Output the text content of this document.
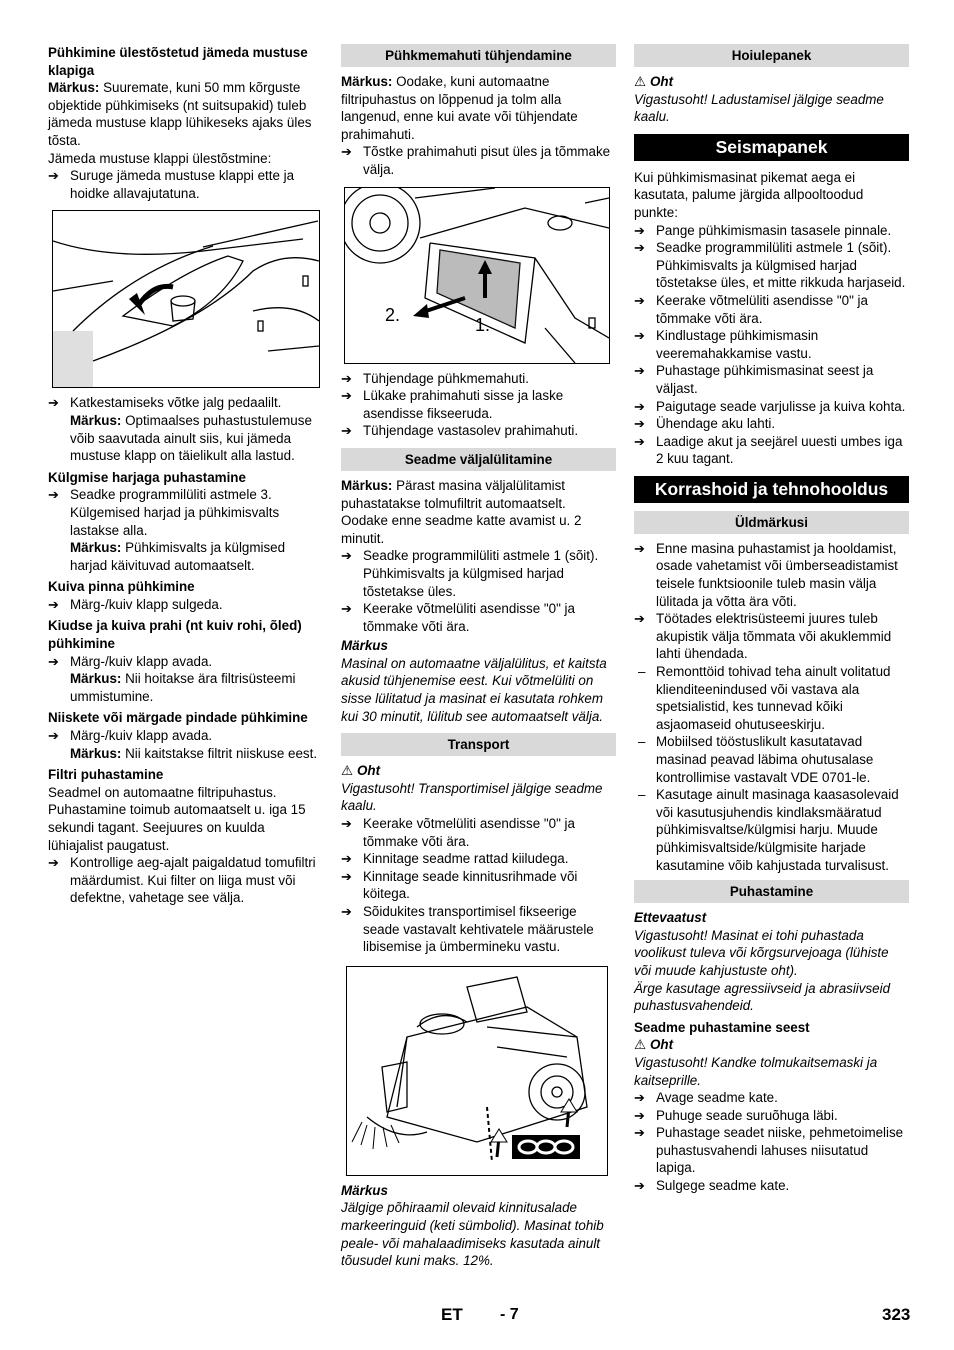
Pühkimine ülestõstetud jämeda mustuse klapiga

Märkus: Suuremate, kuni 50 mm kõrguste objektide pühkimiseks (nt suitsupakid) tuleb jämeda mustuse klapp lühikeseks ajaks üles tõsta.

Jämeda mustuse klappi ülestõstmine:

➔ Suruge jämeda mustuse klappi ette ja hoidke allavajutatuna.

➔ Katkestamiseks võtke jalg pedaalilt.

Märkus: Optimaalses puhastustulemuse võib saavutada ainult siis, kui jämeda mustuse klapp on täielikult alla lastud.

Külgmise harjaga puhastamine

➔ Seadke programmilüliti astmele 3. Külgemised harjad ja pühkimisvalts lastakse alla.

Märkus: Pühkimisvalts ja külgmised harjad käivituvad automaatselt.

Kuiva pinna pühkimine

➔ Märg-/kuiv klapp sulgeda.

Kiudse ja kuiva prahi (nt kuiv rohi, õled) pühkimine

➔ Märg-/kuiv klapp avada.

Märkus: Nii hoitakse ära filtrisüsteemi ummistumine.

Niiskete või märgade pindade pühkimine

➔ Märg-/kuiv klapp avada.

Märkus: Nii kaitstakse filtrit niiskuse eest.

Filtri puhastamine

Seadmel on automaatne filtripuhastus. Puhastamine toimub automaatselt u. iga 15 sekundi tagant. Seejuures on kuulda lühiajalist paugatust.

➔ Kontrollige aeg-ajalt paigaldatud tomufiltri määrdumist. Kui filter on liiga must või defektne, vahetage see välja.

Pühkmemahuti tühjendamine

Märkus: Oodake, kuni automaatne filtripuhastus on lõppenud ja tolm alla langenud, enne kui avate või tühjendate prahimahuti.

➔ Tõstke prahimahuti pisut üles ja tõmmake välja.

2.	1.

➔ Tühjendage pühkmemahuti.

➔ Lükake prahimahuti sisse ja laske asendisse fikseeruda.

➔ Tühjendage vastasolev prahimahuti.

Seadme väljalülitamine

Märkus: Pärast masina väljalülitamist puhastatakse tolmufiltrit automaatselt. Oodake enne seadme katte avamist u. 2 minutit.

➔ Seadke programmilüliti astmele 1 (sõit). Pühkimisvalts ja külgmised harjad tõstetakse üles.

➔ Keerake võtmelüliti asendisse "0" ja tõmmake võti ära.

Märkus

Masinal on automaatne väljalülitus, et kaitsta akusid tühjenemise eest. Kui võtmelüliti on sisse lülitatud ja masinat ei kasutata rohkem kui 30 minutit, lülitub see automaatselt välja.

Transport

⚠ Oht

Vigastusoht! Transportimisel jälgige seadme kaalu.

➔ Keerake võtmelüliti asendisse "0" ja tõmmake võti ära.

➔ Kinnitage seadme rattad kiiludega.

➔ Kinnitage seade kinnitusrihmade või köitega.

➔ Sõidukites transportimisel fikseerige seade vastavalt kehtivatele määrustele libisemise ja ümbermineku vastu.

Märkus

Jälgige põhiraamil olevaid kinnitusalade markeeringuid (keti sümbolid). Masinat tohib peale- või mahalaadimiseks kasutada ainult tõusudel kuni maks. 12%.

Hoiulepanek

⚠ Oht

Vigastusoht! Ladustamisel jälgige seadme kaalu.

Seismapanek

Kui pühkimismasinat pikemat aega ei kasutata, palume järgida allpooltoodud punkte:

➔ Pange pühkimismasin tasasele pinnale.

➔ Seadke programmilüliti astmele 1 (sõit). Pühkimisvalts ja külgmised harjad tõstetakse üles, et mitte rikkuda harjaseid.

➔ Keerake võtmelüliti asendisse "0" ja tõmmake võti ära.

➔ Kindlustage pühkimismasin veeremahakkamise vastu.

➔ Puhastage pühkimismasinat seest ja väljast.

➔ Paigutage seade varjulisse ja kuiva kohta.

➔ Ühendage aku lahti.

➔ Laadige akut ja seejärel uuesti umbes iga 2 kuu tagant.

Korrashoid ja tehnohooldus
Üldmärkusi

➔ Enne masina puhastamist ja hooldamist, osade vahetamist või ümberseadistamist teisele funktsioonile tuleb masin välja lülitada ja võtta ära võti.

➔ Töötades elektrisüsteemi juures tuleb akupistik välja tõmmata või akuklemmid lahti ühendada.

– Remonttöid tohivad teha ainult volitatud klienditeenindused või vastava ala spetsialistid, kes tunnevad kõiki asjaomaseid ohutuseeskirju.

– Mobiilsed tööstuslikult kasutatavad masinad peavad läbima ohutusalase kontrollimise vastavalt VDE 0701-le.

– Kasutage ainult masinaga kaasasolevaid või kasutusjuhendis kindlaksmääratud pühkimisvaltse/külgmisi harju. Muude pühkimisvaltside/külgmisite harjade kasutamine võib kahjustada turvalisust.

Puhastamine

Ettevaatust

Vigastusoht! Masinat ei tohi puhastada voolikust tuleva või kõrgsurvejoaga (lühiste või muude kahjustuste oht).

Ärge kasutage agressiivseid ja abrasiivseid puhastusvahendeid.

Seadme puhastamine seest

⚠ Oht

Vigastusoht! Kandke tolmukaitsemaski ja kaitseprille.

➔ Avage seadme kate.

➔ Puhuge seade suruõhuga läbi.

➔ Puhastage seadet niiske, pehmetoimelise puhastusvahendi lahuses niisutatud lapiga.

➔ Sulgege seadme kate.

ET - 7	323
